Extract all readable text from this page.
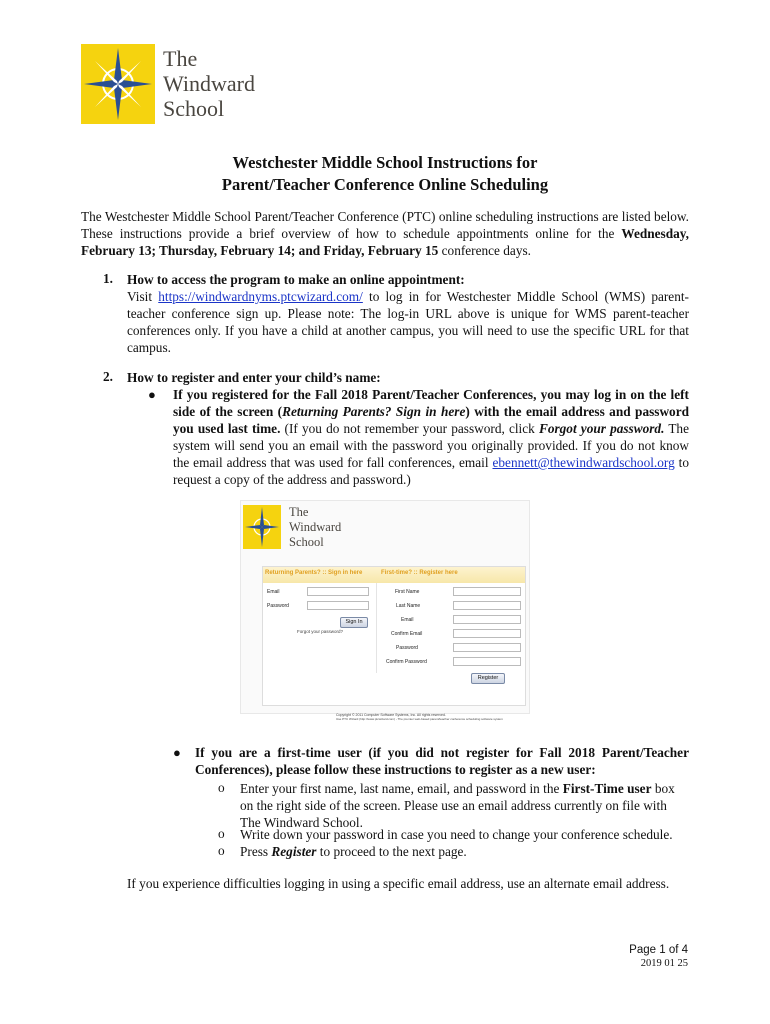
The
Windward
School
Westchester Middle School Instructions for
Parent/Teacher Conference Online Scheduling
The Westchester Middle School Parent/Teacher Conference (PTC) online scheduling instructions are listed below. These instructions provide a brief overview of how to schedule appointments online for the Wednesday, February 13; Thursday, February 14; and Friday, February 15 conference days.
1. How to access the program to make an online appointment:
Visit https://windwardnyms.ptcwizard.com/ to log in for Westchester Middle School (WMS) parent-teacher conference sign up. Please note: The log-in URL above is unique for WMS parent-teacher conferences only. If you have a child at another campus, you will need to use the specific URL for that campus.
2. How to register and enter your child’s name:
● If you registered for the Fall 2018 Parent/Teacher Conferences, you may log in on the left side of the screen (Returning Parents? Sign in here) with the email address and password you used last time. (If you do not remember your password, click Forgot your password. The system will send you an email with the password you originally provided. If you do not know the email address that was used for fall conferences, email ebennett@thewindwardschool.org to request a copy of the address and password.)
The
Windward
School
Returning Parents? :: Sign in here	First-time? :: Register here
Email
Password
Sign In
Forgot your password?
First Name
Last Name
Email
Confirm Email
Password
Confirm Password
Register
Copyright © 2011 Computer Software Systems, Inc. All rights reserved.
Use PTC Wizard (http://www.ptcwizard.com) - The premier web-based parent/teacher conference scheduling software system
● If you are a first-time user (if you did not register for Fall 2018 Parent/Teacher Conferences), please follow these instructions to register as a new user:
o Enter your first name, last name, email, and password in the First-Time user box on the right side of the screen. Please use an email address currently on file with The Windward School.
o Write down your password in case you need to change your conference schedule.
o Press Register to proceed to the next page.
If you experience difficulties logging in using a specific email address, use an alternate email address.
Page 1 of 4
2019 01 25
